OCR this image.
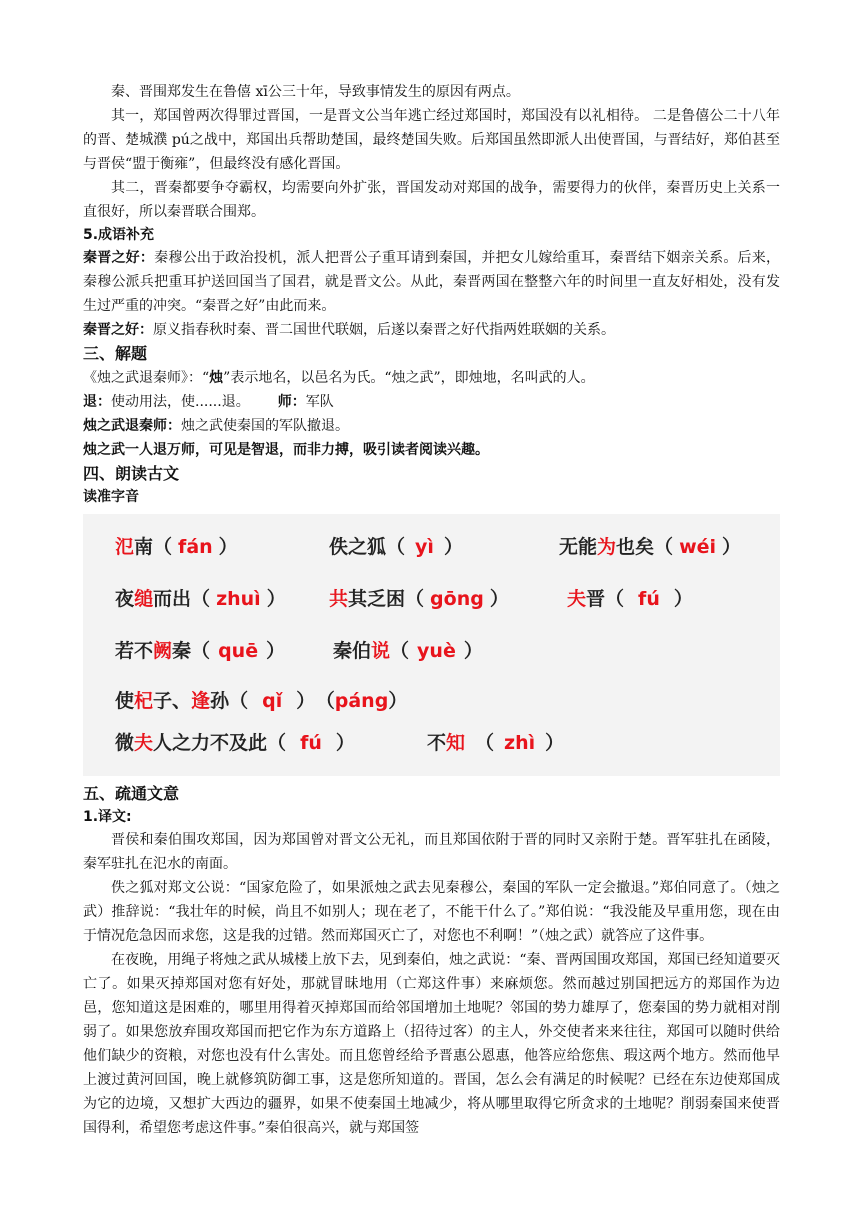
秦、晋围郑发生在鲁僖 xī公三十年，导致事情发生的原因有两点。

其一，郑国曾两次得罪过晋国，一是晋文公当年逃亡经过郑国时，郑国没有以礼相待。 二是鲁僖公二十八年的晋、楚城濮 pú之战中，郑国出兵帮助楚国，最终楚国失败。后郑国虽然即派人出使晋国，与晋结好，郑伯甚至与晋侯“盟于衡雍”，但最终没有感化晋国。

其二，晋秦都要争夺霸权，均需要向外扩张，晋国发动对郑国的战争，需要得力的伙伴，秦晋历史上关系一直很好，所以秦晋联合围郑。

5.成语补充

秦晋之好：秦穆公出于政治投机，派人把晋公子重耳请到秦国，并把女儿嫁给重耳，秦晋结下姻亲关系。后来，秦穆公派兵把重耳护送回国当了国君，就是晋文公。从此，秦晋两国在整整六年的时间里一直友好相处，没有发生过严重的冲突。“秦晋之好”由此而来。

秦晋之好：原义指春秋时秦、晋二国世代联姻，后遂以秦晋之好代指两姓联姻的关系。

三、解题

《烛之武退秦师》：“烛”表示地名，以邑名为氏。“烛之武”，即烛地，名叫武的人。

退：使动用法，使......退。 师：军队

烛之武退秦师：烛之武使秦国的军队撤退。

烛之武一人退万师，可见是智退，而非力搏，吸引读者阅读兴趣。

四、朗读古文
读准字音
氾南（ fán ）	佚之狐（ yì ）	无能为也矣（ wéi ）
夜缒而出（ zhuì ） 共其乏困（ gōng ）	夫晋（ fú ）
若不阙秦（ quē ）	秦伯说（ yuè ）
使杞子、逢孙（ qǐ ） （páng）
微夫人之力不及此（ fú ）	不知 （ zhì ）
五、疏通文意
1.译文:

晋侯和秦伯围攻郑国，因为郑国曾对晋文公无礼，而且郑国依附于晋的同时又亲附于楚。晋军驻扎在函陵，秦军驻扎在氾水的南面。

佚之狐对郑文公说：“国家危险了，如果派烛之武去见秦穆公，秦国的军队一定会撤退。”郑伯同意了。（烛之武）推辞说：“我壮年的时候，尚且不如别人；现在老了，不能干什么了。”郑伯说：“我没能及早重用您，现在由于情况危急因而求您，这是我的过错。然而郑国灭亡了，对您也不利啊！”（烛之武）就答应了这件事。

在夜晚，用绳子将烛之武从城楼上放下去，见到秦伯，烛之武说：“秦、晋两国围攻郑国，郑国已经知道要灭亡了。如果灭掉郑国对您有好处，那就冒昧地用（亡郑这件事）来麻烦您。然而越过别国把远方的郑国作为边邑，您知道这是困难的，哪里用得着灭掉郑国而给邻国增加土地呢？邻国的势力雄厚了，您秦国的势力就相对削弱了。如果您放弃围攻郑国而把它作为东方道路上（招待过客）的主人，外交使者来来往往，郑国可以随时供给他们缺少的资粮，对您也没有什么害处。而且您曾经给予晋惠公恩惠，他答应给您焦、瑕这两个地方。然而他早上渡过黄河回国，晚上就修筑防御工事，这是您所知道的。晋国，怎么会有满足的时候呢？已经在东边使郑国成为它的边境，又想扩大西边的疆界，如果不使秦国土地减少，将从哪里取得它所贪求的土地呢？削弱秦国来使晋国得利，希望您考虑这件事。”秦伯很高兴，就与郑国签
